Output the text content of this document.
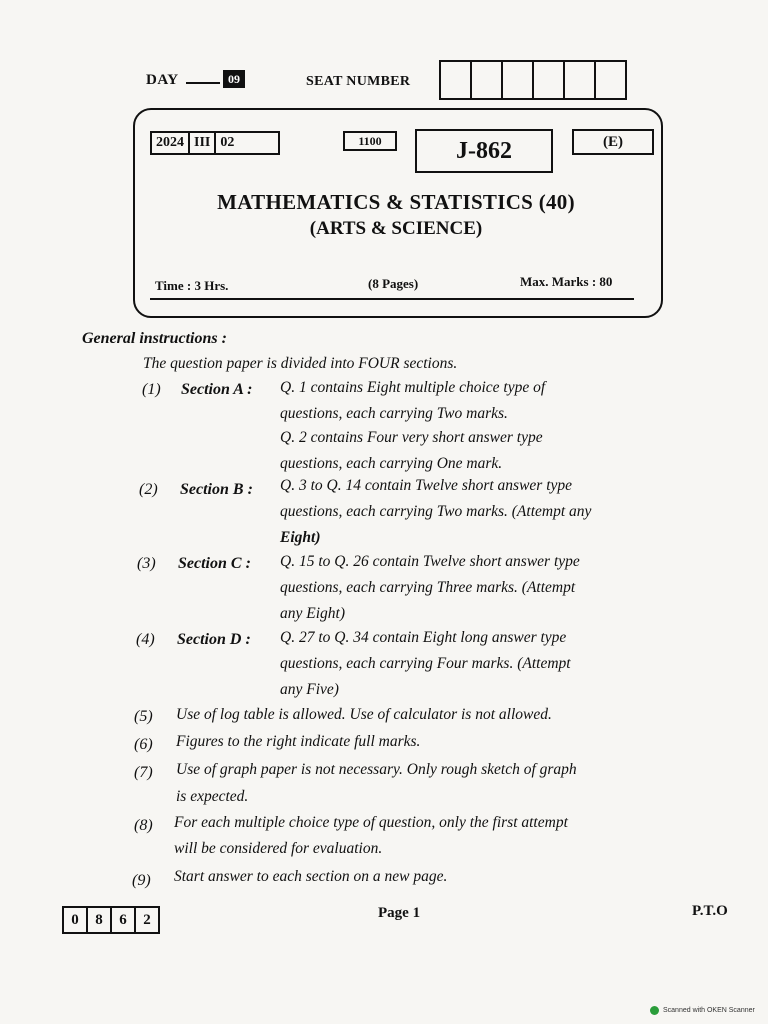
DAY	09	SEAT NUMBER
2024 III 02	1100	J-862	(E)
MATHEMATICS & STATISTICS (40)
(ARTS & SCIENCE)
Time : 3 Hrs.	(8 Pages)	Max. Marks : 80
General instructions :
The question paper is divided into FOUR sections.
(1) Section A : Q. 1 contains Eight multiple choice type of
questions, each carrying Two marks.
Q. 2 contains Four very short answer type
questions, each carrying One mark.
(2) Section B : Q. 3 to Q. 14 contain Twelve short answer type
questions, each carrying Two marks. (Attempt any
Eight)
(3) Section C : Q. 15 to Q. 26 contain Twelve short answer type
questions, each carrying Three marks. (Attempt
any Eight)
(4) Section D : Q. 27 to Q. 34 contain Eight long answer type
questions, each carrying Four marks. (Attempt
any Five)
(5) Use of log table is allowed. Use of calculator is not allowed.
(6) Figures to the right indicate full marks.
(7) Use of graph paper is not necessary. Only rough sketch of graph
is expected.
(8) For each multiple choice type of question, only the first attempt
will be considered for evaluation.
(9) Start answer to each section on a new page.
0	8	6	2	Page 1	P.T.O
Scanned with OKEN Scanner
